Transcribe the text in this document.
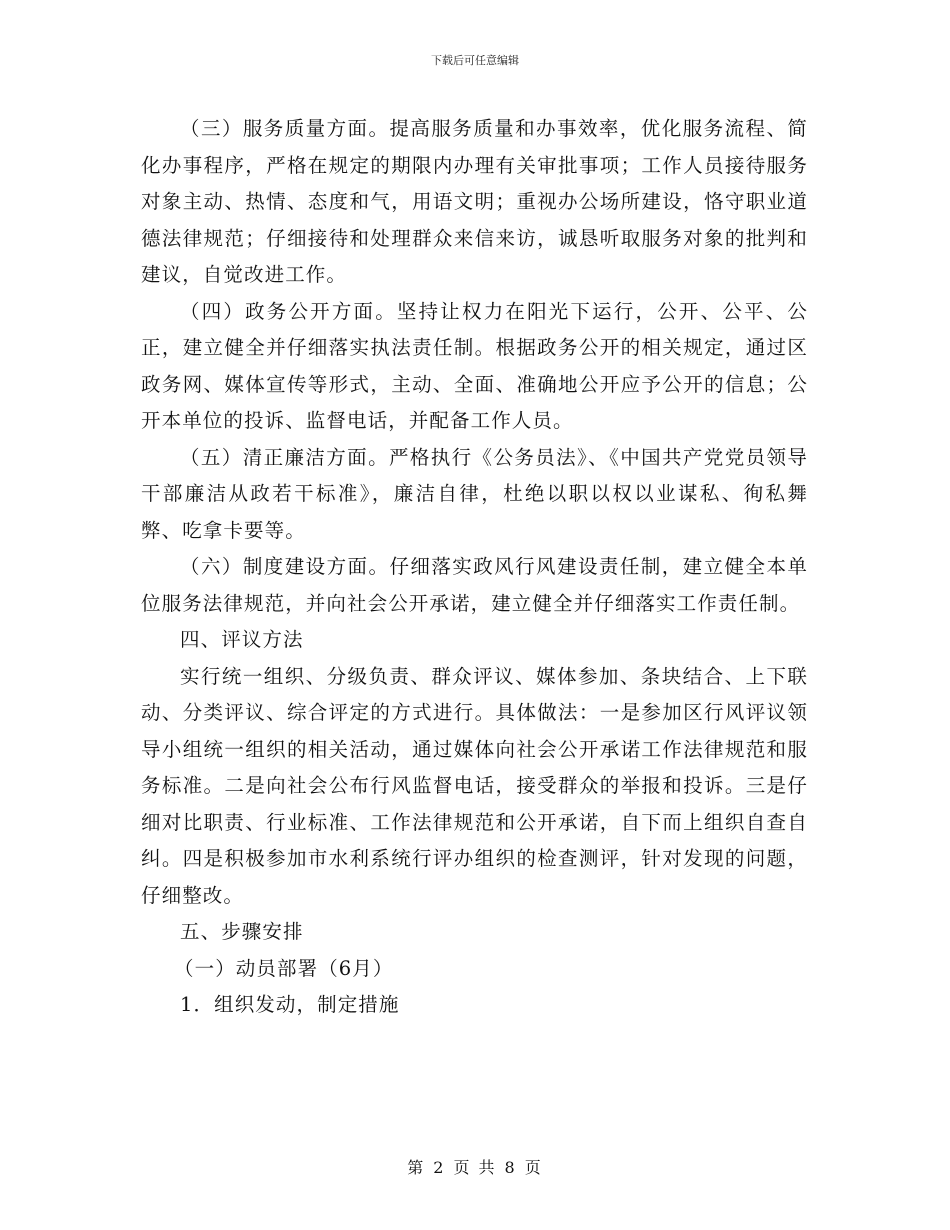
下载后可任意编辑

（三）服务质量方面。提高服务质量和办事效率，优化服务流程、简化办事程序，严格在规定的期限内办理有关审批事项；工作人员接待服务对象主动、热情、态度和气，用语文明；重视办公场所建设，恪守职业道德法律规范；仔细接待和处理群众来信来访，诚恳听取服务对象的批判和建议，自觉改进工作。

（四）政务公开方面。坚持让权力在阳光下运行，公开、公平、公正，建立健全并仔细落实执法责任制。根据政务公开的相关规定，通过区政务网、媒体宣传等形式，主动、全面、准确地公开应予公开的信息；公开本单位的投诉、监督电话，并配备工作人员。

（五）清正廉洁方面。严格执行《公务员法》、《中国共产党党员领导干部廉洁从政若干标准》，廉洁自律，杜绝以职以权以业谋私、徇私舞弊、吃拿卡要等。

（六）制度建设方面。仔细落实政风行风建设责任制，建立健全本单位服务法律规范，并向社会公开承诺，建立健全并仔细落实工作责任制。

四、评议方法

实行统一组织、分级负责、群众评议、媒体参加、条块结合、上下联动、分类评议、综合评定的方式进行。具体做法：一是参加区行风评议领导小组统一组织的相关活动，通过媒体向社会公开承诺工作法律规范和服务标准。二是向社会公布行风监督电话，接受群众的举报和投诉。三是仔细对比职责、行业标准、工作法律规范和公开承诺，自下而上组织自查自纠。四是积极参加市水利系统行评办组织的检查测评，针对发现的问题，仔细整改。

五、步骤安排

（一）动员部署（6月）

1．组织发动，制定措施

第 2 页 共 8 页
